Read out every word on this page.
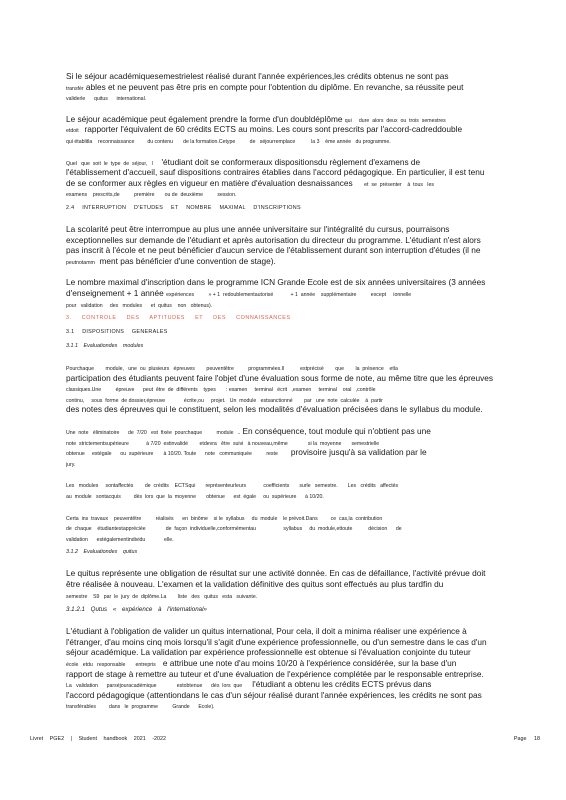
Si le séjour académiquesemestrielest réalisé durant l'année expériences,les crédits obtenus ne sont pas
transfér ables et ne peuvent pas être pris en compte pour l'obtention du diplôme. En revanche, sa réussite peut
validerle      quitus      international.
Le séjour académique peut également prendre la forme d'un doubldéplôme qui     dure  alors  deux  ou  trois  semestres
etdoit    rapporter l'équivalent de 60 crédits ECTS au moins. Les cours sont prescrits par l'accord-cadreddouble
qui établitla    reconnaissance         du contenu       de la formation.Cetype          de   séjourremplace           la 3    ème année   du programme.
Quel   que  soit  le  type  de  séjour,   l      'étudiant doit se conformeraux dispositionsdu règlement d'examens de
l'établissement d'accueil, sauf dispositions contraires établies dans l'accord pédagogique. En particulier, il est tenu
de se conformer aux règles en vigueur en matière d'évaluation desnaissances        et  se  présenter    à  tous   les
examens    prescrits,de          première       ou de  deuxième          session.
2.4 INTERRUPTION D'ETUDES ET NOMBRE MAXIMAL D'INSCRIPTIONS
La scolarité peut être interrompue au plus une année universitaire sur l'intégralité du cursus, pourraisons
exceptionnelles sur demande de l'étudiant et après autorisation du directeur du programme. L'étudiant n'est alors
pas inscrit à l'école et ne peut bénéficier d'aucun service de l'établissement durant son interruption d'études (il ne
peutnotamm  ment pas bénéficier d'une convention de stage).
Le nombre maximal d'inscription dans le programme ICN Grande Ecole est de six années universitaires (3 années
d'enseignement + 1 année expériences          » + 1  redoublementautorisé            + 1  année    supplémentaire          except     ionnelle
pour   validation     des   modules      et  quitus    non   obtenus).
3. CONTROLE DES APTITUDES ET DES CONNAISSANCES
3.1 DISPOSITIONS GENERALES
3.1.1 Evaluationdes modules
Pourchaque        module,   une  ou  plusieurs   épreuves        peuventêtre          programmées.Il           estprécisé        que        la  présence    etla
participation des étudiants peuvent faire l'objet d'une évaluation sous forme de note, au même titre que les épreuves
classiques.Une          épreuve      peut  être  de  différents    types       : examen     terminal   écrit   ,examen     terminal    oral   ,contrôle
continu,     sous  forme  de dossier,épreuve             écrite,ou     projet.   Un  module   estsanctionné        par   une  note  calculée    à  partir
des notes des épreuves qui le constituent, selon les modalités d'évaluation précisées dans le syllabus du module.
Une  note   éliminatoire      de  7/20   est  fixée  pourchaque          module   . En conséquence, tout module qui n'obtient pas une
note  strictementsupérieure            à 7/20  estinvalidé        etdevra   être  suivi   à nouveau,même              si la  moyenne       semestrielle
obtenue     estégale      ou  supérieure       à 10/20. Toute      note   communiquée          reste         provisoire jusqu'à sa validation par le
jury.
Les   modules     sontaffectés        de  crédits    ECTSqui       représenteurleurs            coefficients       surle   semestre.       Les   crédits   affectés
au  module   sontacquis         dès  lors  que  la  moyenne       obtenue      est  égale     ou  supérieure      à 10/20.
Certa  ins  travaux    peuventêtre          réalisés      en  binôme    si le  syllabus     du  module    le prévoit.Dans         ce  cas,la  contribution
de  chaque    étudiantestappréciée              de  façon  individuelle,conformémentau                   syllabus     du  module,ettoute           décision      de
validation      estégalementindividu             elle.
3.1.2 Evaluationdes quitus
Le quitus représente une obligation de résultat sur une activité donnée. En cas de défaillance, l'activité prévue doit
être réalisée à nouveau. L'examen et la validation définitive des quitus sont effectués au plus tardfin du
semestre    S9   par  le  jury  de  diplôme.La        liste   des   quitus   esta   suivante.
3.1.2.1 Qutus « expérience à l'international»
L'étudiant à l'obligation de valider un quitus international, Pour cela, il doit a minima réaliser une expérience à
l'étranger, d'au moins cinq mois lorsqu'il s'agit d'une expérience professionnelle, ou d'un semestre dans le cas d'un
séjour académique. La validation par expérience professionnelle est obtenue si l'évaluation conjointe du tuteur
école   etdu   responsable       entrepris     e attribue une note d'au moins 10/20 à l'expérience considérée, sur la base d'un
rapport de stage à remettre au tuteur et d'une évaluation de l'expérience complétée par le responsable entreprise.
La   validation      parséjouracadémique              estobtenue      dès  lors  que       l'étudiant a obtenu les crédits ECTS prévus dans
l'accord pédagogique (attentiondans le cas d'un séjour réalisé durant l'année expériences, les crédits ne sont pas
transférables         dans   le  programme          Grande      Ecole).
Livret PGE2 | Student handbook 2021 -2022	Page 18
